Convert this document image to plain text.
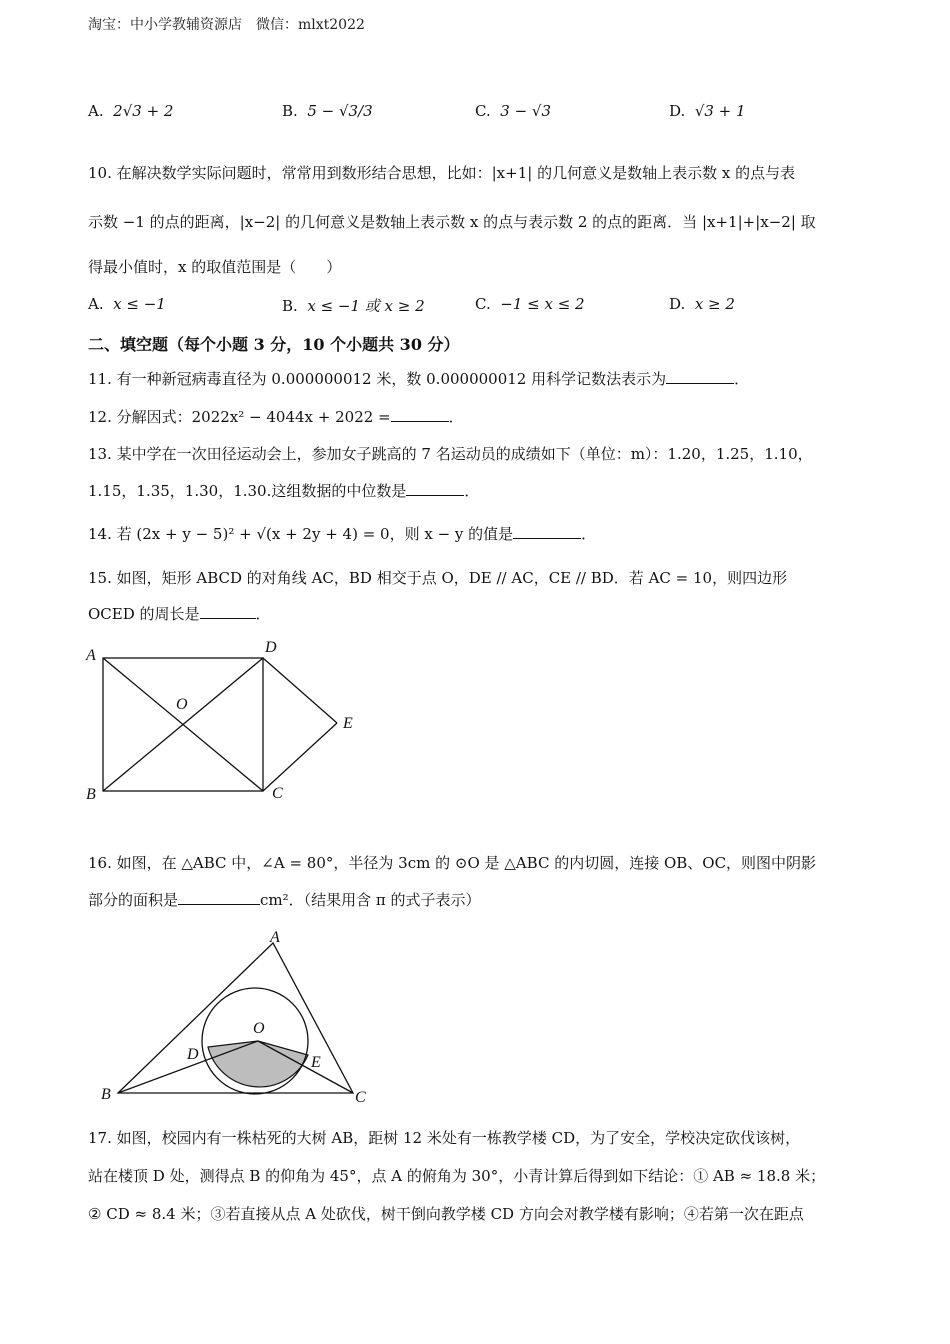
淘宝：中小学教辅资源店　微信：mlxt2022
A. 2√3 + 2	B. 5 − √3/3	C. 3 − √3	D. √3 + 1
10. 在解决数学实际问题时，常常用到数形结合思想，比如：|x+1| 的几何意义是数轴上表示数 x 的点与表
示数 −1 的点的距离，|x−2| 的几何意义是数轴上表示数 x 的点与表示数 2 的点的距离．当 |x+1|+|x−2| 取
得最小值时，x 的取值范围是（　　）
A. x ≤ −1	B. x ≤ −1 或 x ≥ 2	C. −1 ≤ x ≤ 2	D. x ≥ 2
二、填空题（每个小题 3 分，10 个小题共 30 分）
11. 有一种新冠病毒直径为 0.000000012 米，数 0.000000012 用科学记数法表示为	．
12. 分解因式：2022x² − 4044x + 2022 =	．
13. 某中学在一次田径运动会上，参加女子跳高的 7 名运动员的成绩如下（单位：m）：1.20，1.25，1.10，
1.15，1.35，1.30，1.30.这组数据的中位数是	．
14. 若 (2x + y − 5)² + √(x + 2y + 4) = 0，则 x − y 的值是	．
15. 如图，矩形 ABCD 的对角线 AC，BD 相交于点 O，DE // AC，CE // BD．若 AC = 10，则四边形
OCED 的周长是	．
A	D
O
E
B	C
16. 如图，在 △ABC 中，∠A = 80°，半径为 3cm 的 ⊙O 是 △ABC 的内切圆，连接 OB、OC，则图中阴影
部分的面积是	cm²．（结果用含 π 的式子表示）
A
O
D	E
B	C
17. 如图，校园内有一株枯死的大树 AB，距树 12 米处有一栋教学楼 CD，为了安全，学校决定砍伐该树，
站在楼顶 D 处，测得点 B 的仰角为 45°，点 A 的俯角为 30°，小青计算后得到如下结论：① AB ≈ 18.8 米；
② CD ≈ 8.4 米；③若直接从点 A 处砍伐，树干倒向教学楼 CD 方向会对教学楼有影响；④若第一次在距点
